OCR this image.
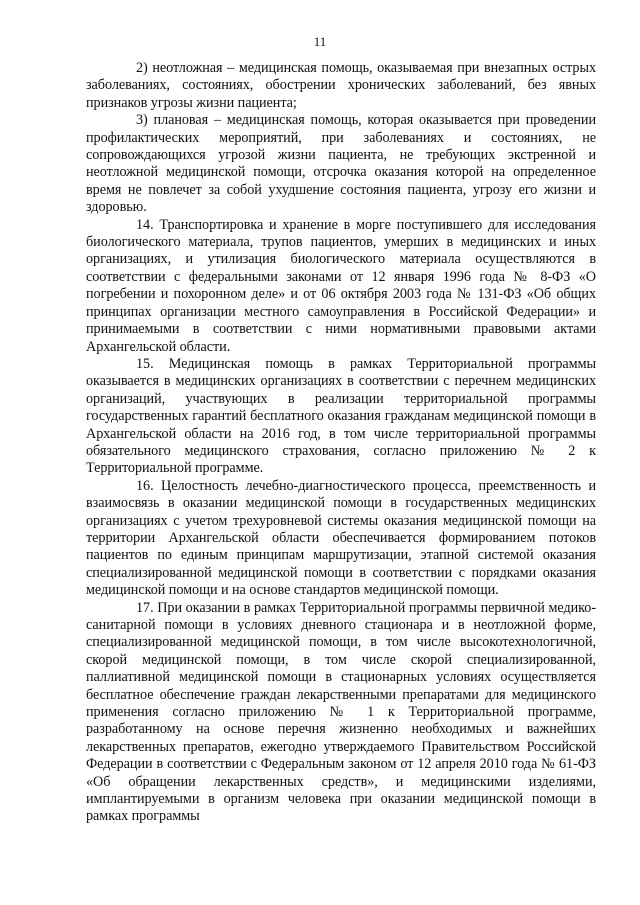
11

2) неотложная – медицинская помощь, оказываемая при внезапных острых заболеваниях, состояниях, обострении хронических заболеваний, без явных признаков угрозы жизни пациента;

3) плановая – медицинская помощь, которая оказывается при проведении профилактических мероприятий, при заболеваниях и состояниях, не сопровождающихся угрозой жизни пациента, не требующих экстренной и неотложной медицинской помощи, отсрочка оказания которой на определенное время не повлечет за собой ухудшение состояния пациента, угрозу его жизни и здоровью.

14. Транспортировка и хранение в морге поступившего для исследования биологического материала, трупов пациентов, умерших в медицинских и иных организациях, и утилизация биологического материала осуществляются в соответствии с федеральными законами от 12 января 1996 года № 8-ФЗ «О погребении и похоронном деле» и от 06 октября 2003 года № 131-ФЗ «Об общих принципах организации местного самоуправления в Российской Федерации» и принимаемыми в соответствии с ними нормативными правовыми актами Архангельской области.

15. Медицинская помощь в рамках Территориальной программы оказывается в медицинских организациях в соответствии с перечнем медицинских организаций, участвующих в реализации территориальной программы государственных гарантий бесплатного оказания гражданам медицинской помощи в Архангельской области на 2016 год, в том числе территориальной программы обязательного медицинского страхования, согласно приложению № 2 к Территориальной программе.

16. Целостность лечебно-диагностического процесса, преемственность и взаимосвязь в оказании медицинской помощи в государственных медицинских организациях с учетом трехуровневой системы оказания медицинской помощи на территории Архангельской области обеспечивается формированием потоков пациентов по единым принципам маршрутизации, этапной системой оказания специализированной медицинской помощи в соответствии с порядками оказания медицинской помощи и на основе стандартов медицинской помощи.

17. При оказании в рамках Территориальной программы первичной медико-санитарной помощи в условиях дневного стационара и в неотложной форме, специализированной медицинской помощи, в том числе высокотехнологичной, скорой медицинской помощи, в том числе скорой специализированной, паллиативной медицинской помощи в стационарных условиях осуществляется бесплатное обеспечение граждан лекарственными препаратами для медицинского применения согласно приложению № 1 к Территориальной программе, разработанному на основе перечня жизненно необходимых и важнейших лекарственных препаратов, ежегодно утверждаемого Правительством Российской Федерации в соответствии с Федеральным законом от 12 апреля 2010 года № 61-ФЗ «Об обращении лекарственных средств», и медицинскими изделиями, имплантируемыми в организм человека при оказании медицинской помощи в рамках программы
